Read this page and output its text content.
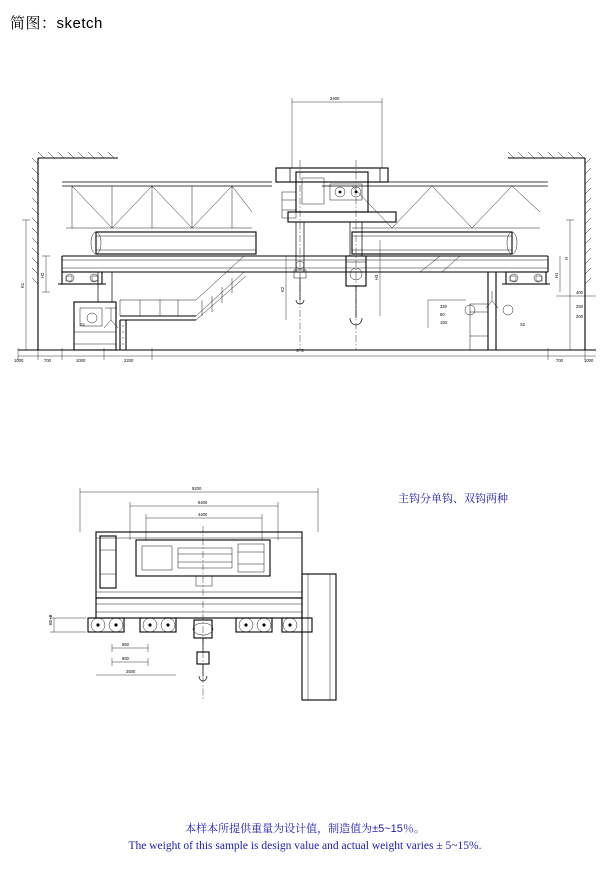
简图：sketch
主钩分单钩、双钩两种
1000	700	1000	2200	700	1000
S+5
2400
K1
H2
H
H1
400
250
200
K2
H3
S1	S2
320
60
150
9200
6400
4400
B0+B
850
850
2500
本样本所提供重量为设计值，制造值为±5~15％。
The weight of this sample is design value and actual weight varies ± 5~15%.
